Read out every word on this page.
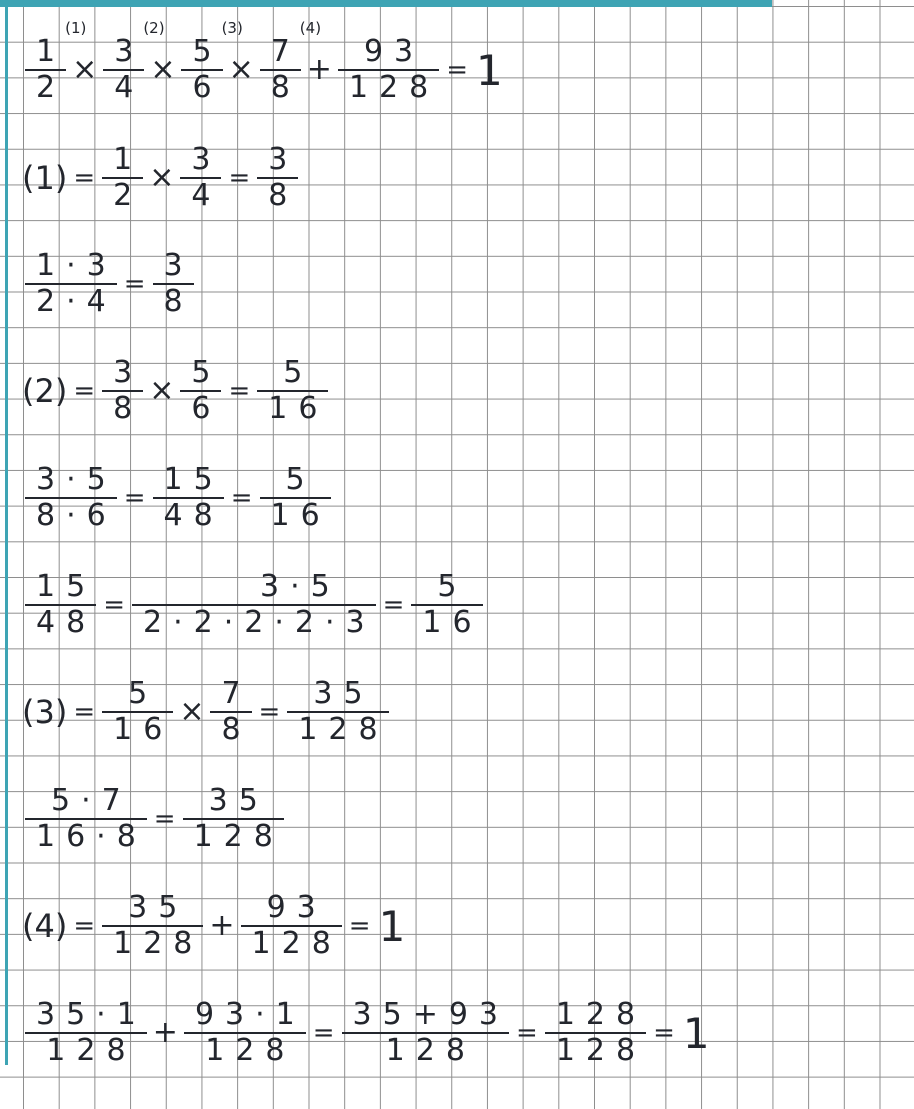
$\frac{1}{2}$
(1)
× $\frac{3}{4}$
(2)
× $\frac{5}{6}$
(3)
× $\frac{7}{8}$
(4)
+ $\frac{93}{128} = 1$
$(1) = \frac{1}{2} \times \frac{3}{4} = \frac{3}{8}$
$\frac{1\cdot 3}{2\cdot 4} = \frac{3}{8}$
$(2) = \frac{3}{8} \times \frac{5}{6} = \frac{5}{16}$
$\frac{3\cdot 5}{8\cdot 6} = \frac{15}{48} = \frac{5}{16}$
$\frac{15}{48} = \frac{3\cdot 5}{2\cdot 2\cdot 2\cdot 2\cdot 3} = \frac{5}{16}$
$(3) = \frac{5}{16} \times \frac{7}{8} = \frac{35}{128}$
$\frac{5\cdot 7}{16\cdot 8} = \frac{35}{128}$
$(4) = \frac{35}{128} + \frac{93}{128} = 1$
$\frac{35\cdot 1}{128} + \frac{93\cdot 1}{128} = \frac{35+93}{128} = \frac{128}{128} = 1$
